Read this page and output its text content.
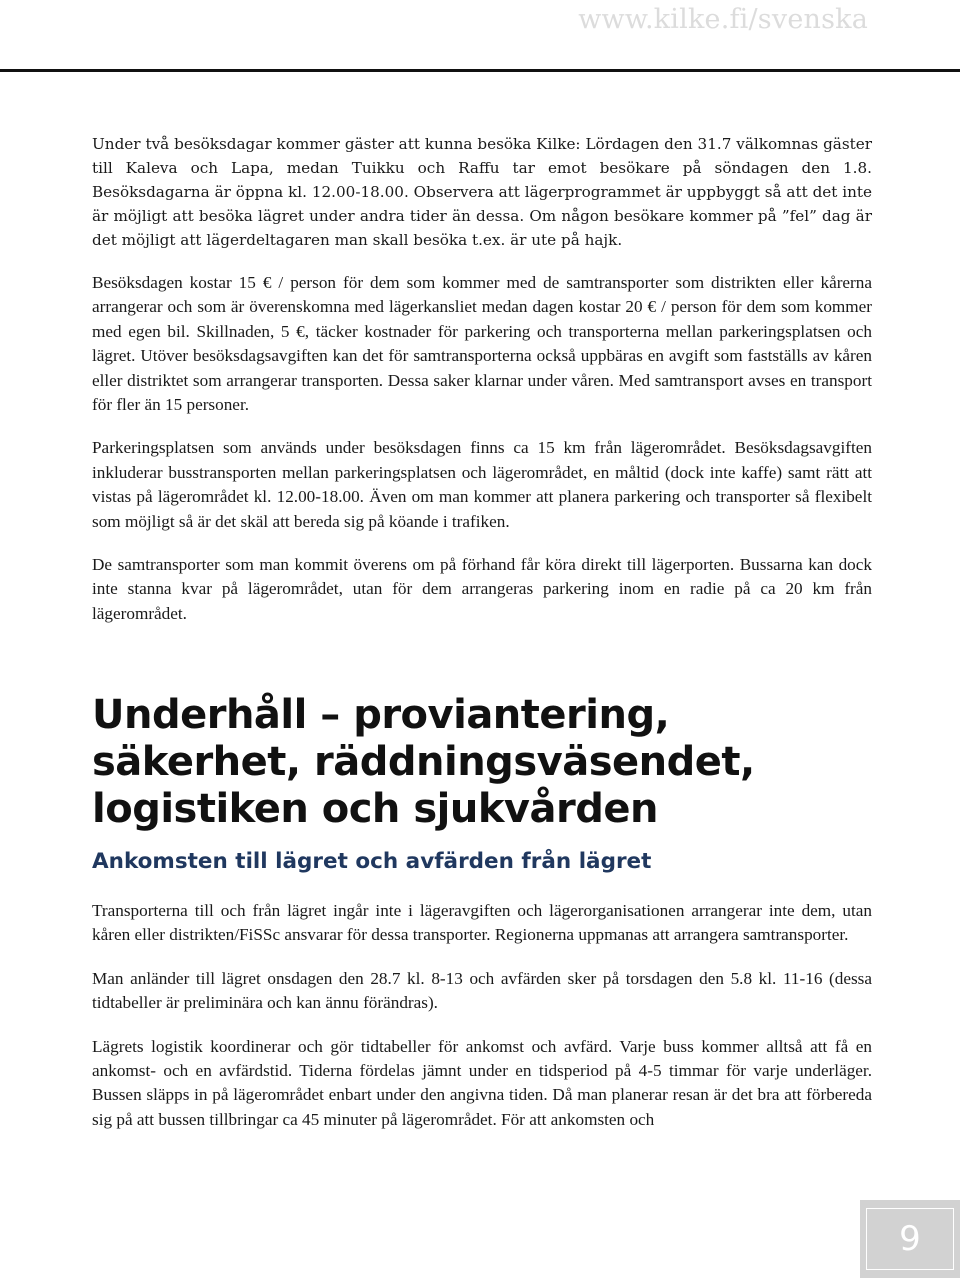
www.kilke.fi/svenska

Under två besöksdagar kommer gäster att kunna besöka Kilke: Lördagen den 31.7 välkomnas gäster till Kaleva och Lapa, medan Tuikku och Raffu tar emot besökare på söndagen den 1.8. Besöksdagarna är öppna kl. 12.00-18.00. Observera att lägerprogrammet är uppbyggt så att det inte är möjligt att besöka lägret under andra tider än dessa. Om någon besökare kommer på ”fel” dag är det möjligt att lägerdeltagaren man skall besöka t.ex. är ute på hajk.

Besöksdagen kostar 15 € / person för dem som kommer med de samtransporter som distrikten eller kårerna arrangerar och som är överenskomna med lägerkansliet medan dagen kostar 20 € / person för dem som kommer med egen bil. Skillnaden, 5 €, täcker kostnader för parkering och transporterna mellan parkeringsplatsen och lägret. Utöver besöksdagsavgiften kan det för samtransporterna också uppbäras en avgift som fastställs av kåren eller distriktet som arrangerar transporten. Dessa saker klarnar under våren. Med samtransport avses en transport för fler än 15 personer.

Parkeringsplatsen som används under besöksdagen finns ca 15 km från lägerområdet. Besöksdagsavgiften inkluderar busstransporten mellan parkeringsplatsen och lägerområdet, en måltid (dock inte kaffe) samt rätt att vistas på lägerområdet kl. 12.00-18.00. Även om man kommer att planera parkering och transporter så flexibelt som möjligt så är det skäl att bereda sig på köande i trafiken.

De samtransporter som man kommit överens om på förhand får köra direkt till lägerporten. Bussarna kan dock inte stanna kvar på lägerområdet, utan för dem arrangeras parkering inom en radie på ca 20 km från lägerområdet.

Underhåll – proviantering, säkerhet, räddningsväsendet, logistiken och sjukvården
Ankomsten till lägret och avfärden från lägret

Transporterna till och från lägret ingår inte i lägeravgiften och lägerorganisationen arrangerar inte dem, utan kåren eller distrikten/FiSSc ansvarar för dessa transporter. Regionerna uppmanas att arrangera samtransporter.

Man anländer till lägret onsdagen den 28.7 kl. 8-13 och avfärden sker på torsdagen den 5.8 kl. 11-16 (dessa tidtabeller är preliminära och kan ännu förändras).

Lägrets logistik koordinerar och gör tidtabeller för ankomst och avfärd. Varje buss kommer alltså att få en ankomst- och en avfärdstid. Tiderna fördelas jämnt under en tidsperiod på 4-5 timmar för varje underläger. Bussen släpps in på lägerområdet enbart under den angivna tiden. Då man planerar resan är det bra att förbereda sig på att bussen tillbringar ca 45 minuter på lägerområdet. För att ankomsten och

9
